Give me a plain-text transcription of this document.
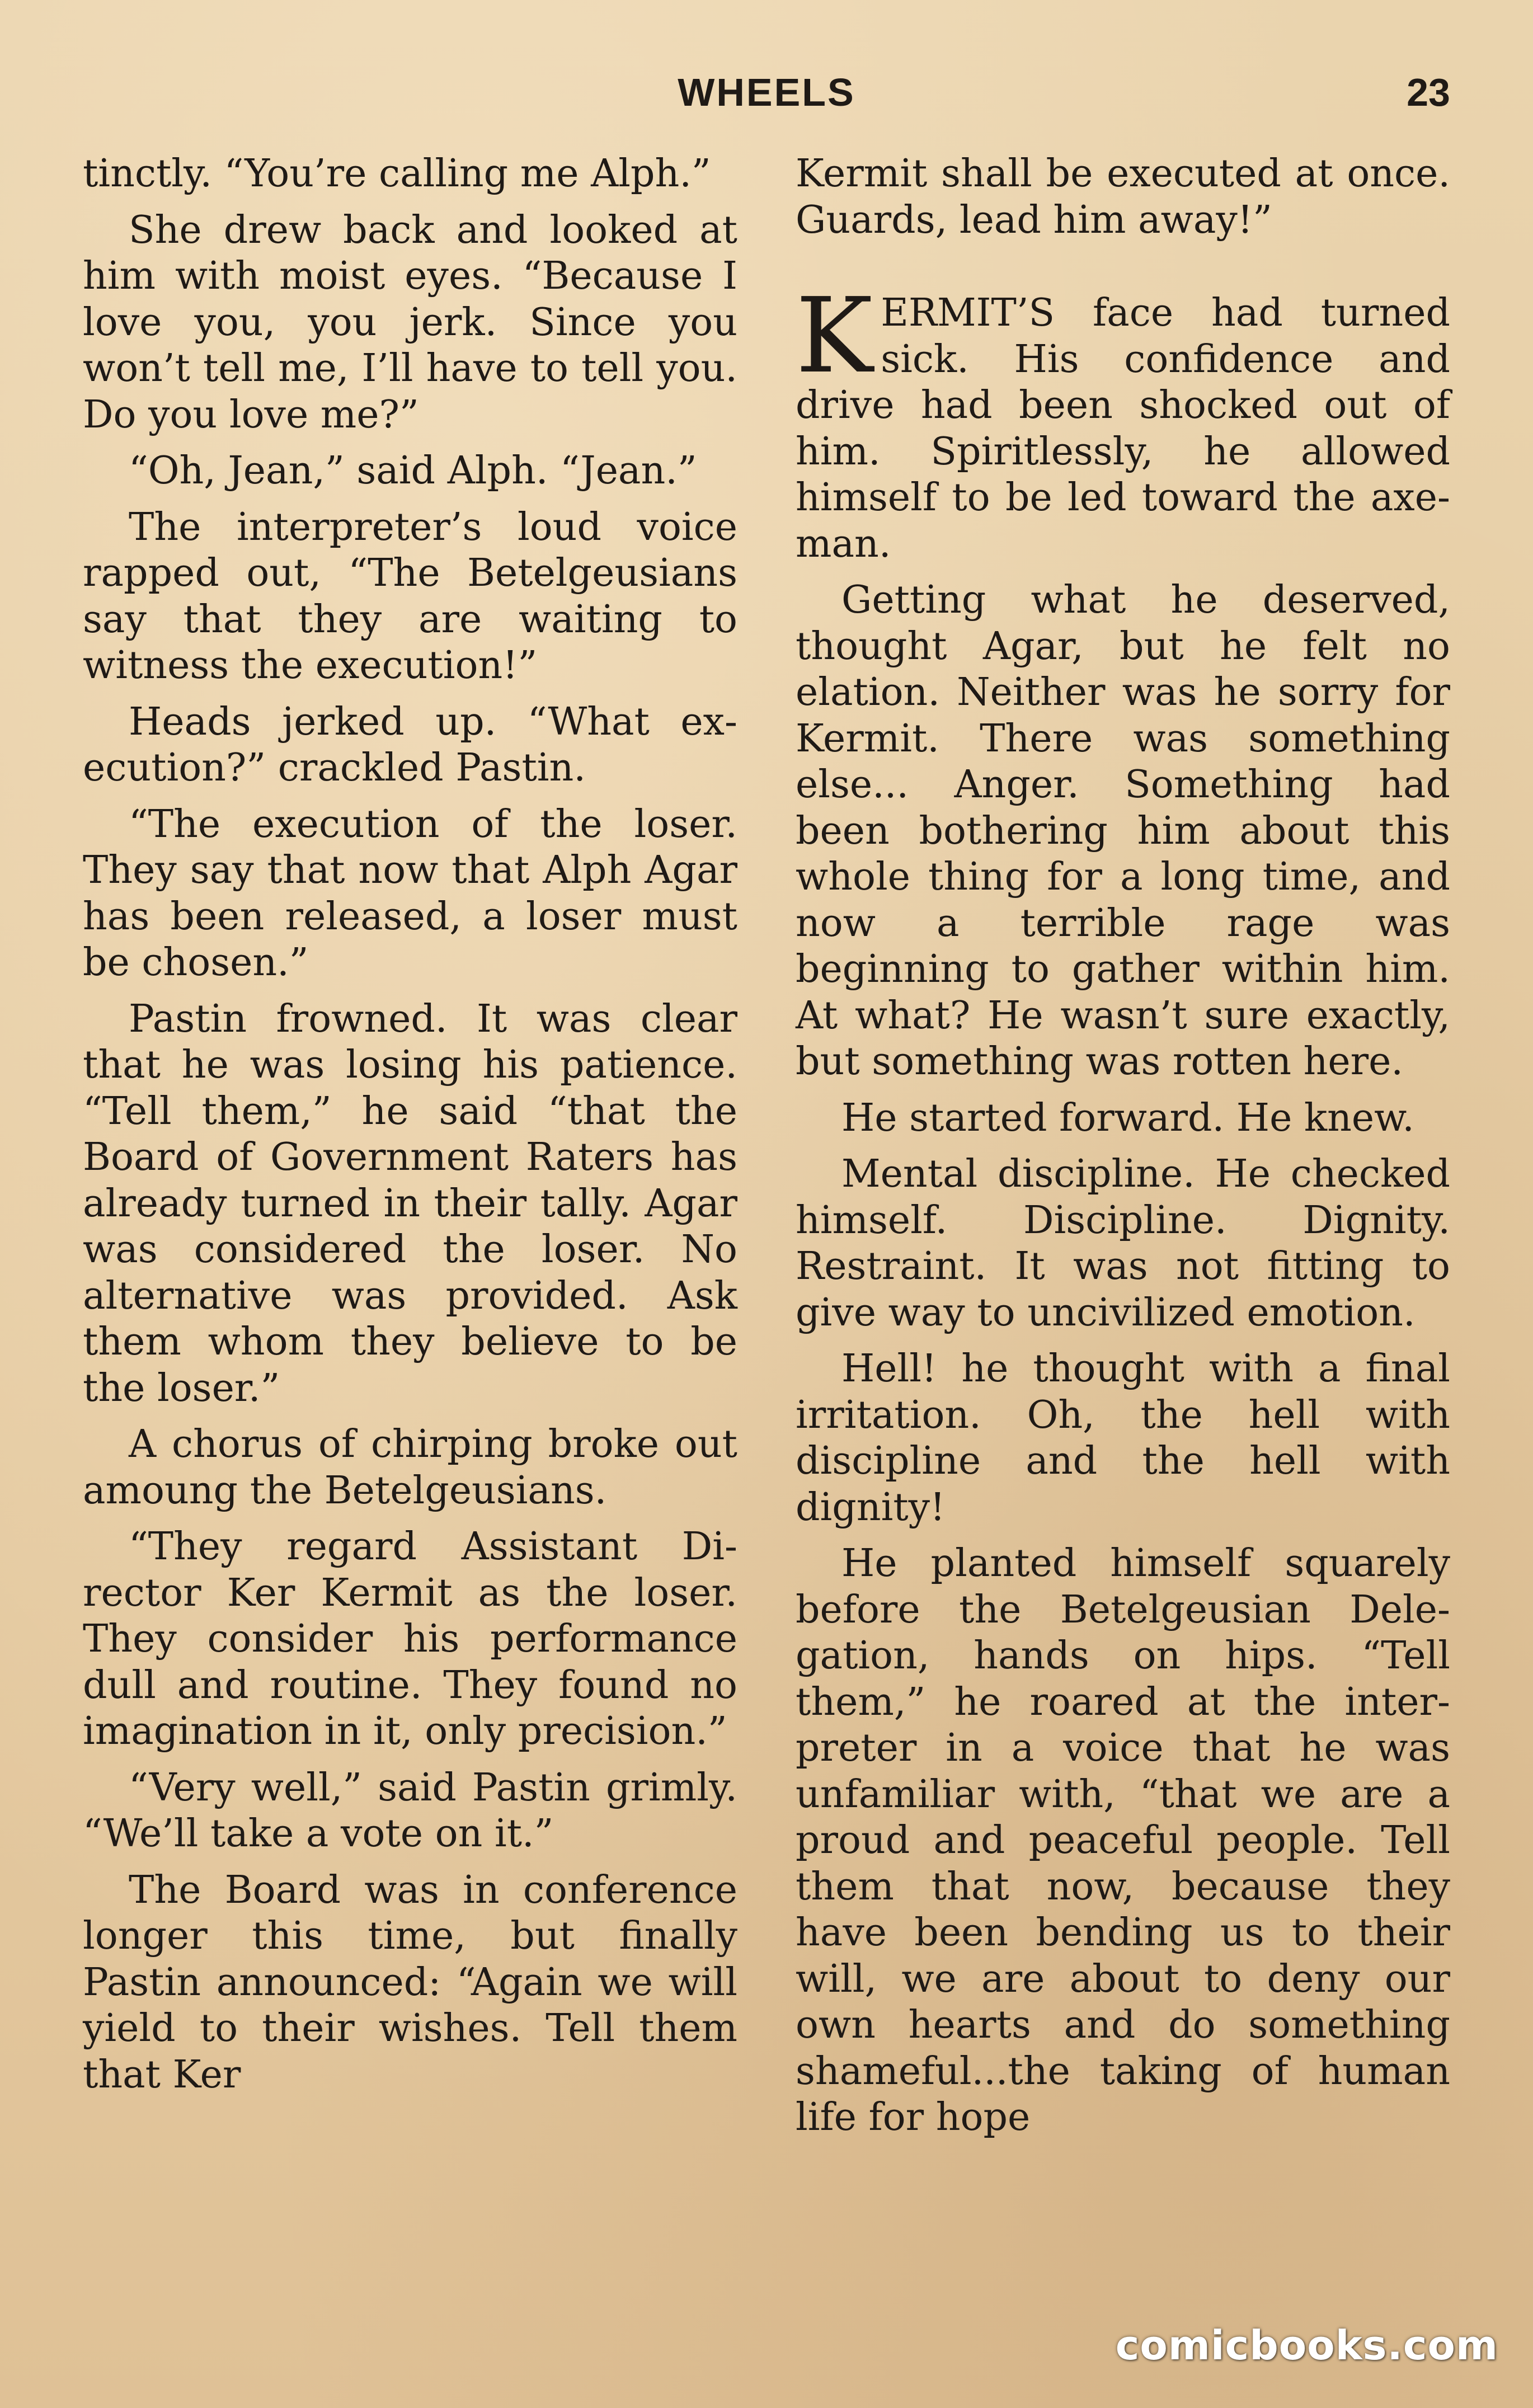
WHEELS	23

tinctly. “You’re calling me Alph.”

She drew back and looked at him with moist eyes. “Because I love you, you jerk. Since you won’t tell me, I’ll have to tell you. Do you love me?”

“Oh, Jean,” said Alph. “Jean.”

The interpreter’s loud voice rapped out, “The Betelgeusians say that they are waiting to witness the execution!”

Heads jerked up. “What execution?” crackled Pastin.

“The execution of the loser. They say that now that Alph Agar has been released, a loser must be chosen.”

Pastin frowned. It was clear that he was losing his patience. “Tell them,” he said “that the Board of Government Raters has already turned in their tally. Agar was considered the loser. No alternative was provided. Ask them whom they believe to be the loser.”

A chorus of chirping broke out amoung the Betelgeusians.

“They regard Assistant Director Ker Kermit as the loser. They consider his performance dull and routine. They found no imagination in it, only precision.”

“Very well,” said Pastin grimly. “We’ll take a vote on it.”

The Board was in conference longer this time, but finally Pastin announced: “Again we will yield to their wishes. Tell them that Ker

Kermit shall be executed at once. Guards, lead him away!”

KERMIT’S face had turned sick. His confidence and drive had been shocked out of him. Spiritlessly, he allowed himself to be led toward the axe-man.

Getting what he deserved, thought Agar, but he felt no elation. Neither was he sorry for Kermit. There was something else... Anger. Something had been bothering him about this whole thing for a long time, and now a terrible rage was beginning to gather within him. At what? He wasn’t sure exactly, but something was rotten here.

He started forward. He knew.

Mental discipline. He checked himself. Discipline. Dignity. Restraint. It was not fitting to give way to uncivilized emotion.

Hell! he thought with a final irritation. Oh, the hell with discipline and the hell with dignity!

He planted himself squarely before the Betelgeusian Delegation, hands on hips. “Tell them,” he roared at the interpreter in a voice that he was unfamiliar with, “that we are a proud and peaceful people. Tell them that now, because they have been bending us to their will, we are about to deny our own hearts and do something shameful...the taking of human life for hope

comicbooks.com
